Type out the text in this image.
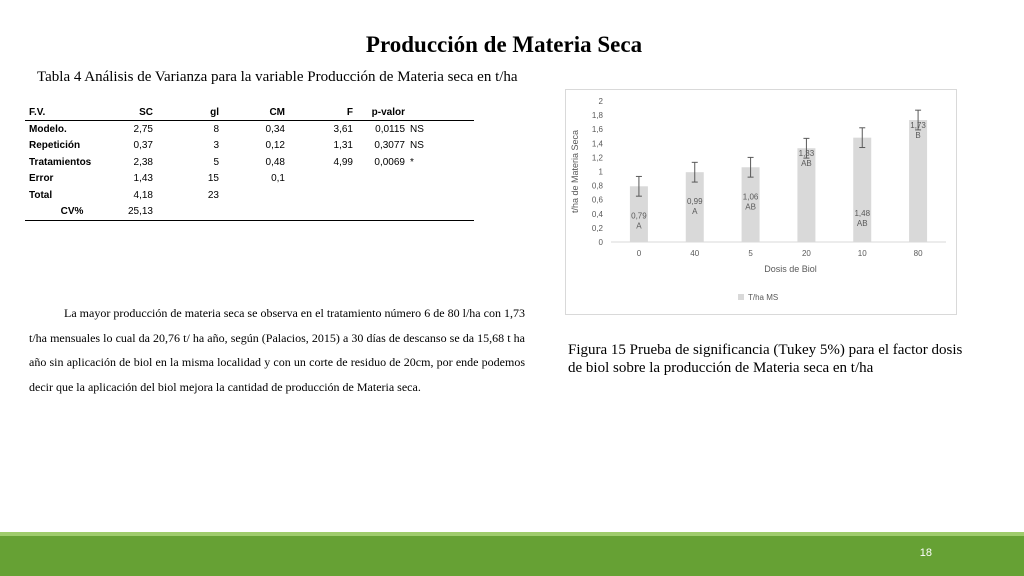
Producción de Materia Seca
Tabla 4 Análisis de Varianza para la variable Producción de Materia seca en t/ha
F.V.	SC	gl	CM	F	p-valor	
Modelo.	2,75	8	0,34	3,61	0,0115	NS
Repetición	0,37	3	0,12	1,31	0,3077	NS
Tratamientos	2,38	5	0,48	4,99	0,0069	*
Error	1,43	15	0,1			
Total	4,18	23				
CV%	25,13					

La mayor producción de materia seca se observa en el tratamiento número 6 de 80 l/ha con 1,73 t/ha mensuales lo cual da 20,76 t/ ha año, según (Palacios, 2015) a 30 días de descanso se da 15,68 t ha año sin aplicación de biol en la misma localidad y con un corte de residuo de 20cm, por ende podemos decir que la aplicación del biol mejora la cantidad de producción de Materia seca.

0
0,2
0,4
0,6
0,8
1
1,2
1,4
1,6
1,8
2
0,79
A
0
0,99
A
40
1,06
AB
5
1,33
AB
20
1,48
AB
10
1,73
B
80
Dosis de Biol
t/ha de Materia Seca
T/ha MS

Figura 15 Prueba de significancia (Tukey 5%) para el factor dosis de biol sobre la producción de Materia seca en t/ha

18
